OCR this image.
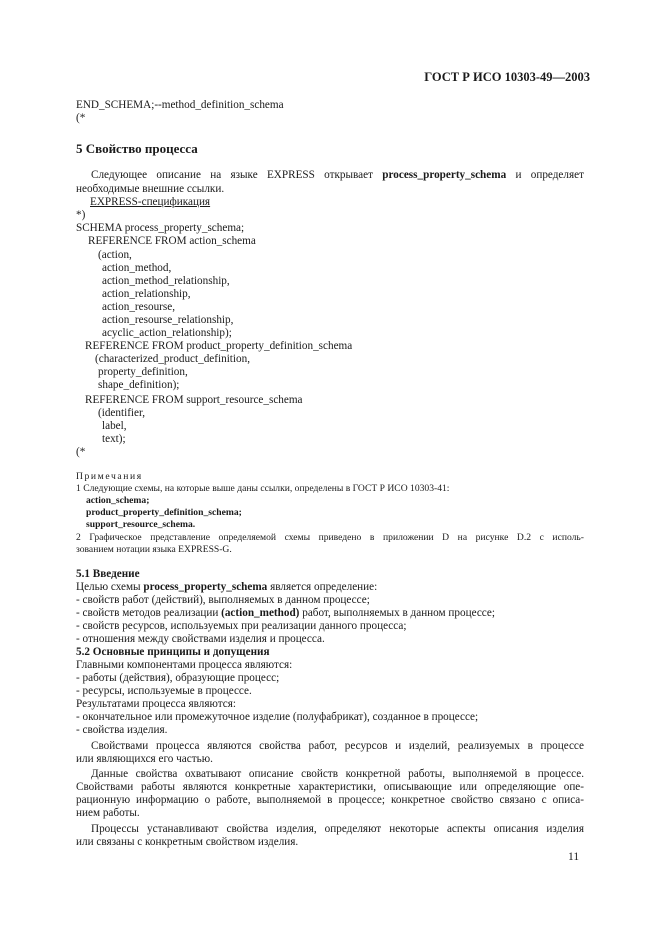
ГОСТ Р ИСО 10303-49—2003
END_SCHEMA;--method_definition_schema
(*
5 Свойство процесса
Следующее описание на языке EXPRESS открывает process_property_schema и определяет
необходимые внешние ссылки.
EXPRESS-спецификация
*)
SCHEMA process_property_schema;
REFERENCE FROM action_schema
(action,
action_method,
action_method_relationship,
action_relationship,
action_resourse,
action_resourse_relationship,
acyclic_action_relationship);
REFERENCE FROM product_property_definition_schema
(characterized_product_definition,
property_definition,
shape_definition);
REFERENCE FROM support_resource_schema
(identifier,
label,
text);
(*
Примечания
1 Следующие схемы, на которые выше даны ссылки, определены в ГОСТ Р ИСО 10303-41:
action_schema;
product_property_definition_schema;
support_resource_schema.
2 Графическое представление определяемой схемы приведено в приложении D на рисунке D.2 с исполь-
зованием нотации языка EXPRESS-G.
5.1 Введение
Целью схемы process_property_schema является определение:
- свойств работ (действий), выполняемых в данном процессе;
- свойств методов реализации (action_method) работ, выполняемых в данном процессе;
- свойств ресурсов, используемых при реализации данного процесса;
- отношения между свойствами изделия и процесса.
5.2 Основные принципы и допущения
Главными компонентами процесса являются:
- работы (действия), образующие процесс;
- ресурсы, используемые в процессе.
Результатами процесса являются:
- окончательное или промежуточное изделие (полуфабрикат), созданное в процессе;
- свойства изделия.
Свойствами процесса являются свойства работ, ресурсов и изделий, реализуемых в процессе
или являющихся его частью.
Данные свойства охватывают описание свойств конкретной работы, выполняемой в процессе.
Свойствами работы являются конкретные характеристики, описывающие или определяющие опе-
рационную информацию о работе, выполняемой в процессе; конкретное свойство связано с описа-
нием работы.
Процессы устанавливают свойства изделия, определяют некоторые аспекты описания изделия
или связаны с конкретным свойством изделия.
11
